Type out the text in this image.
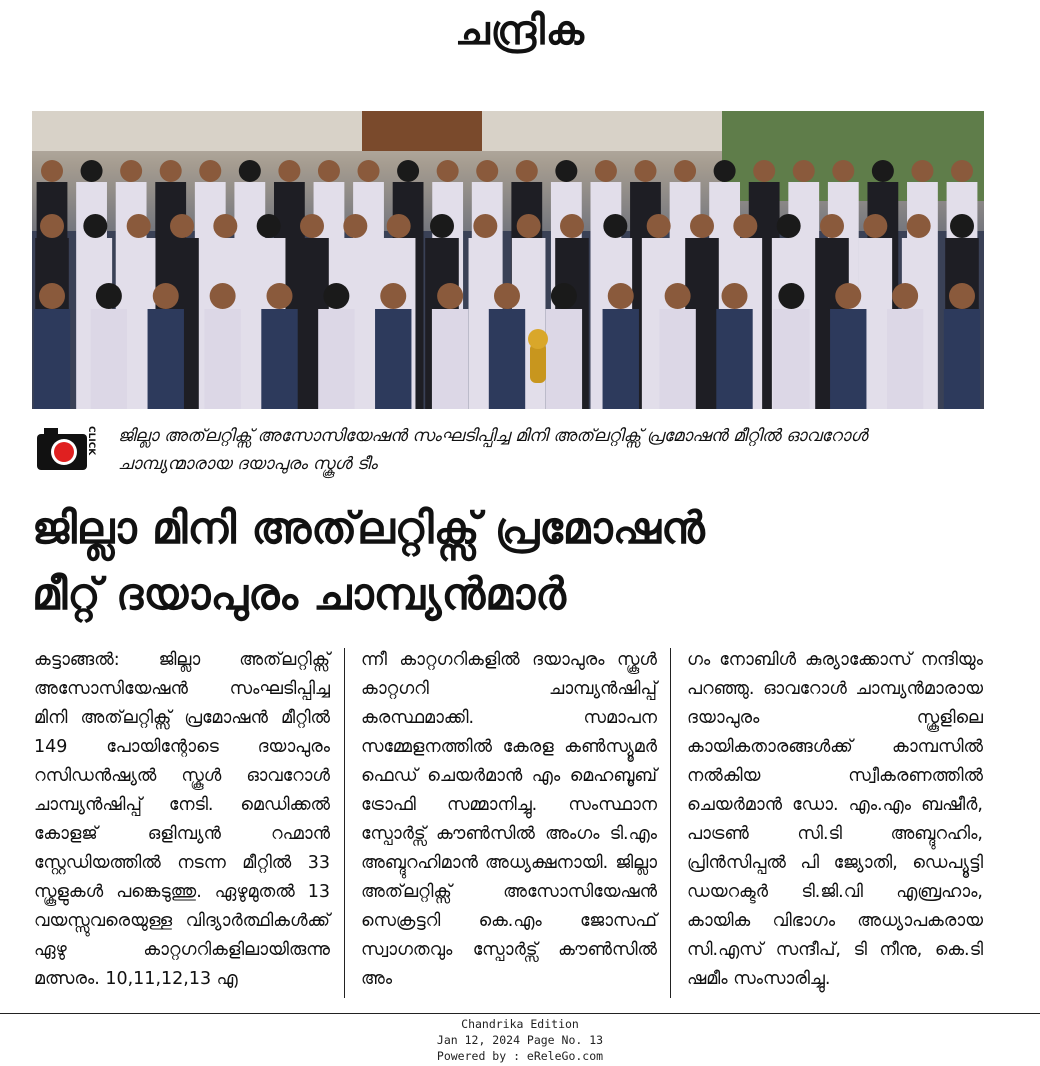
ചന്ദ്രിക
CLICK ജില്ലാ അത്‌ലറ്റിക്സ് അസോസിയേഷൻ സംഘടിപ്പിച്ച മിനി അത്‌ലറ്റിക്സ് പ്രമോഷൻ മീറ്റിൽ ഓവറോൾ ചാമ്പ്യന്മാരായ ദയാപുരം സ്കൂൾ ടീം
ജില്ലാ മിനി അത്‌ലറ്റിക്സ് പ്രമോഷൻ
മീറ്റ് ദയാപുരം ചാമ്പ്യൻമാർ
കട്ടാങ്ങൽ: ജില്ലാ അത്‌ലറ്റിക്സ് അസോസിയേഷൻ സംഘടിപ്പിച്ച മിനി അത്‌ലറ്റിക്സ് പ്രമോഷൻ മീറ്റിൽ 149 പോയിന്റോടെ ദയാപുരം റസിഡൻഷ്യൽ സ്കൂൾ ഓവറോൾ ചാമ്പ്യൻഷിപ്പ് നേടി. മെഡിക്കൽ കോളജ് ഒളിമ്പ്യൻ റഹ്മാൻ സ്റ്റേഡിയത്തിൽ നടന്ന മീറ്റിൽ 33 സ്കൂളുകൾ പങ്കെടുത്തു. ഏഴുമുതൽ 13 വയസ്സുവരെയുള്ള വിദ്യാർത്ഥികൾക്ക് ഏഴു കാറ്റഗറികളിലായിരുന്നു മത്സരം. 10,11,12,13 എ
ന്നീ കാറ്റഗറികളിൽ ദയാപുരം സ്കൂൾ കാറ്റഗറി ചാമ്പ്യൻഷിപ്പ് കരസ്ഥമാക്കി. സമാപന സമ്മേളനത്തിൽ കേരള കൺസ്യൂമർ ഫെഡ് ചെയർമാൻ എം മെഹബൂബ് ട്രോഫി സമ്മാനിച്ചു. സംസ്ഥാന സ്പോർട്സ് കൗൺസിൽ അംഗം ടി.എം അബ്ദുറഹിമാൻ അധ്യക്ഷനായി. ജില്ലാ അത്‌ലറ്റിക്സ് അസോസിയേഷൻ സെക്രട്ടറി കെ.എം ജോസഫ് സ്വാഗതവും സ്പോർട്സ് കൗൺസിൽ അം
ഗം നോബിൾ കുര്യാക്കോസ് നന്ദിയും പറഞ്ഞു. ഓവറോൾ ചാമ്പ്യൻമാരായ ദയാപുരം സ്കൂളിലെ കായികതാരങ്ങൾക്ക് കാമ്പസിൽ നൽകിയ സ്വീകരണത്തിൽ ചെയർമാൻ ഡോ. എം.എം ബഷീർ, പാട്രൺ സി.ടി അബ്ദുറഹിം, പ്രിൻസിപ്പൽ പി ജ്യോതി, ഡെപ്യൂട്ടി ഡയറക്ടർ ടി.ജി.വി എബ്രഹാം, കായിക വിഭാഗം അധ്യാപകരായ സി.എസ് സന്ദീപ്, ടി നീനു, കെ.ടി ഷമീം സംസാരിച്ചു.
Chandrika Edition
Jan 12, 2024 Page No. 13
Powered by : eReleGo.com
